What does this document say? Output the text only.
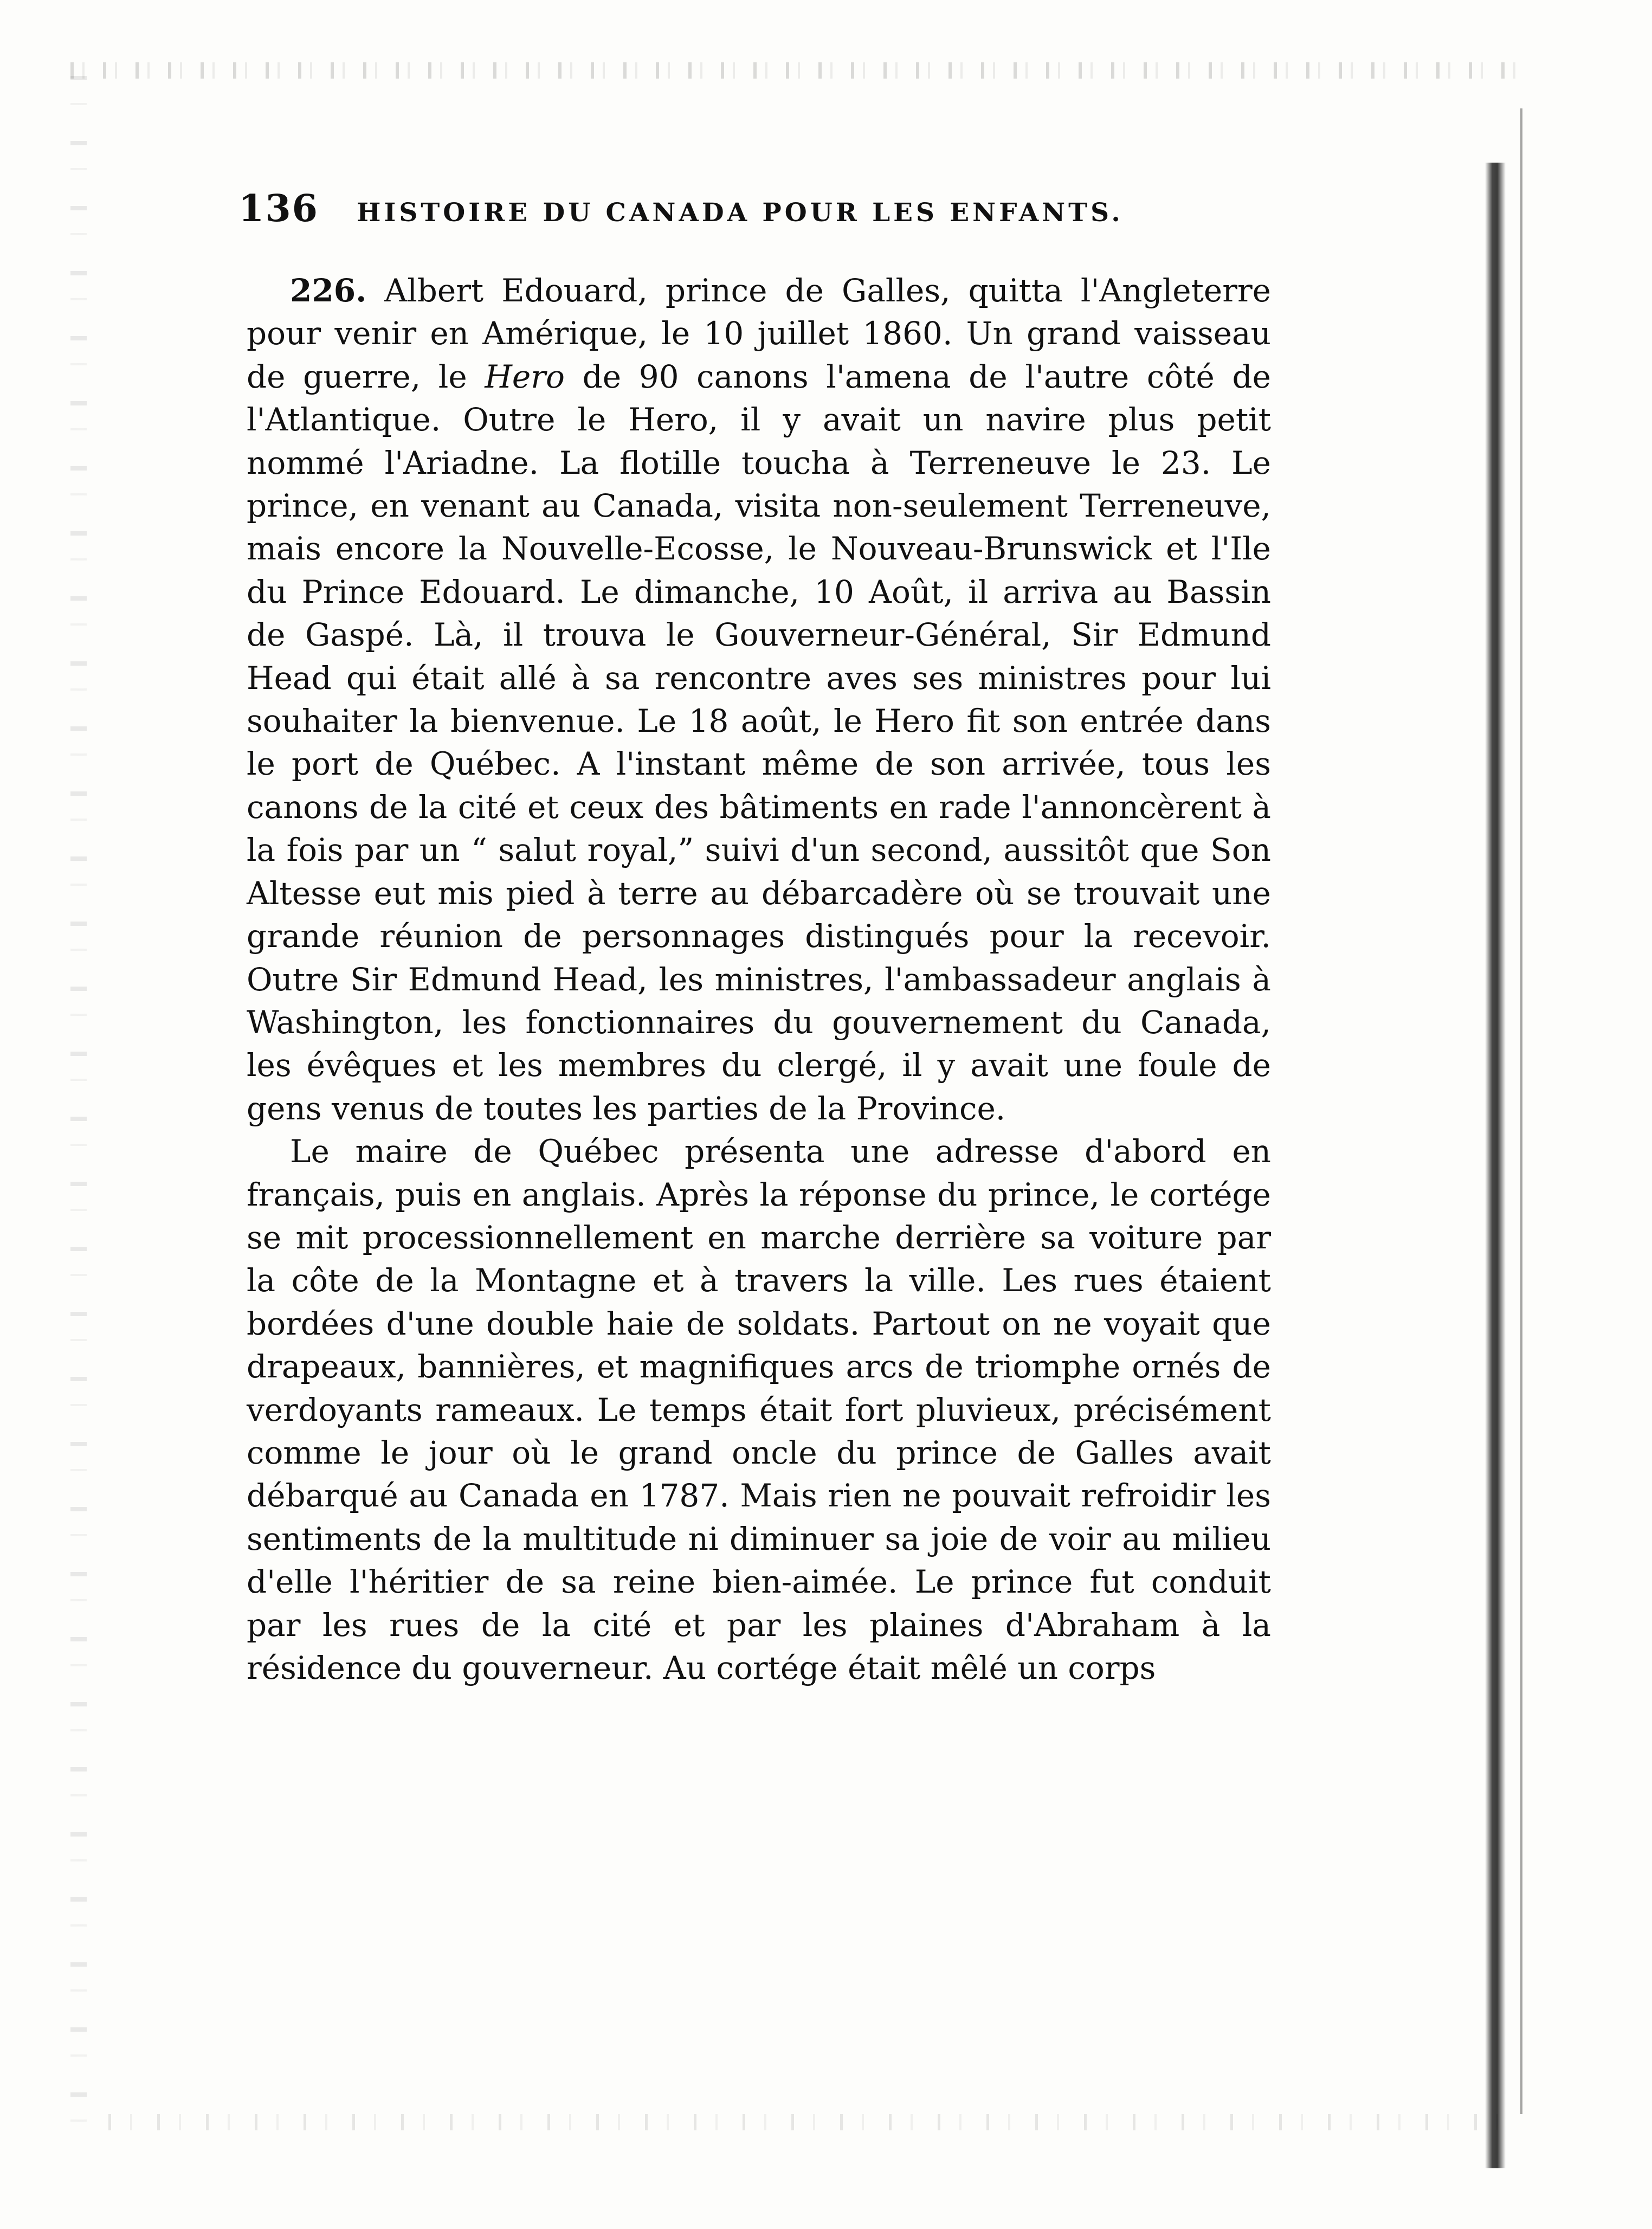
136 HISTOIRE DU CANADA POUR LES ENFANTS.

226. Albert Edouard, prince de Galles, quitta l'Angleterre pour venir en Amérique, le 10 juillet 1860. Un grand vaisseau de guerre, le Hero de 90 canons l'amena de l'autre côté de l'Atlantique. Outre le Hero, il y avait un navire plus petit nommé l'Ariadne. La flotille toucha à Terreneuve le 23. Le prince, en venant au Canada, visita non-seulement Terreneuve, mais encore la Nouvelle-Ecosse, le Nouveau-Brunswick et l'Ile du Prince Edouard. Le dimanche, 10 Août, il arriva au Bassin de Gaspé. Là, il trouva le Gouverneur-Général, Sir Edmund Head qui était allé à sa rencontre aves ses ministres pour lui souhaiter la bienvenue. Le 18 août, le Hero fit son entrée dans le port de Québec. A l'instant même de son arrivée, tous les canons de la cité et ceux des bâtiments en rade l'annoncèrent à la fois par un “ salut royal,” suivi d'un second, aussitôt que Son Altesse eut mis pied à terre au débarcadère où se trouvait une grande réunion de personnages distingués pour la recevoir. Outre Sir Edmund Head, les ministres, l'ambassadeur anglais à Washington, les fonctionnaires du gouvernement du Canada, les évêques et les membres du clergé, il y avait une foule de gens venus de toutes les parties de la Province.

Le maire de Québec présenta une adresse d'abord en français, puis en anglais. Après la réponse du prince, le cortége se mit processionnellement en marche derrière sa voiture par la côte de la Montagne et à travers la ville. Les rues étaient bordées d'une double haie de soldats. Partout on ne voyait que drapeaux, bannières, et magnifiques arcs de triomphe ornés de verdoyants rameaux. Le temps était fort pluvieux, précisément comme le jour où le grand oncle du prince de Galles avait débarqué au Canada en 1787. Mais rien ne pouvait refroidir les sentiments de la multitude ni diminuer sa joie de voir au milieu d'elle l'héritier de sa reine bien-aimée. Le prince fut conduit par les rues de la cité et par les plaines d'Abraham à la résidence du gouverneur. Au cortége était mêlé un corps
